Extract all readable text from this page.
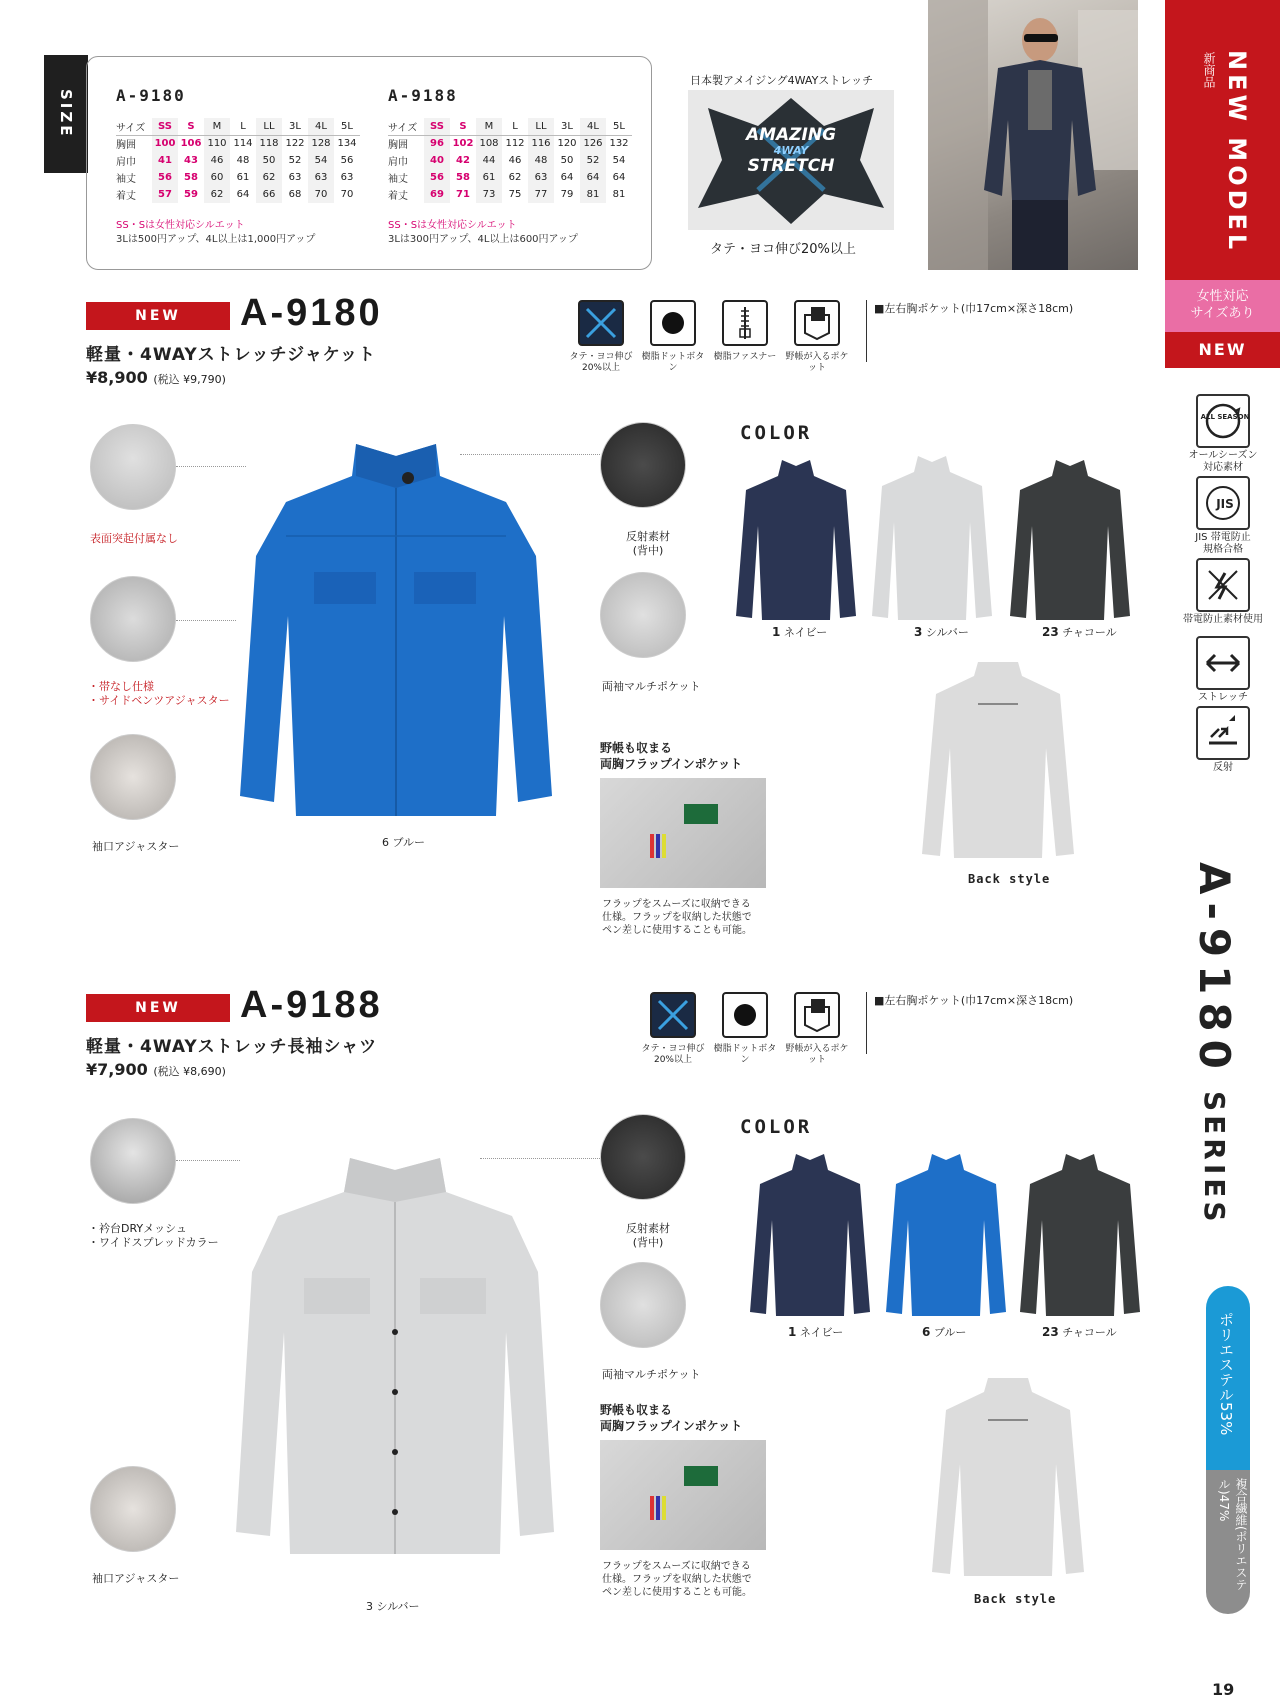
SIZE	A-9180
サイズ	SS	S	M	L	LL	3L	4L	5L
胸囲	100	106	110	114	118	122	128	134
肩巾	41	43	46	48	50	52	54	56
袖丈	56	58	60	61	62	63	63	63
着丈	57	59	62	64	66	68	70	70
SS・Sは女性対応シルエット
3Lは500円アップ、4L以上は1,000円アップ
A-9188
サイズ	SS	S	M	L	LL	3L	4L	5L
胸囲	96	102	108	112	116	120	126	132
肩巾	40	42	44	46	48	50	52	54
袖丈	56	58	61	62	63	64	64	64
着丈	69	71	73	75	77	79	81	81
SS・Sは女性対応シルエット
3Lは300円アップ、4L以上は600円アップ
日本製アメイジング4WAYストレッチ
AMAZING
4WAY
STRETCH
タテ・ヨコ伸び20%以上	NEW MODEL
新商品
女性対応
サイズあり
NEW
ALL SEASON
オールシーズン
対応素材
JIS
JIS 帯電防止
規格合格
帯電防止素材使用
ストレッチ
反射
A-9180SERIES
ポリエステル53%
複合繊維(ポリエステル)47%
NEW	A-9180
軽量・4WAYストレッチジャケット
¥8,900 (税込 ¥9,790)
タテ・ヨコ伸び20%以上
樹脂ドットボタン
樹脂ファスナー	野帳が入るポケット
■左右胸ポケット(巾17cm×深さ18cm)
表面突起付属なし
・帯なし仕様
・サイドベンツアジャスター
袖口アジャスター	6 ブルー
反射素材
(背中)
両袖マルチポケット
野帳も収まる
両胸フラップインポケット
フラップをスムーズに収納できる
仕様。フラップを収納した状態で
ペン差しに使用することも可能。
COLOR
1 ネイビー	3 シルバー	23 チャコール
Back style
NEW	A-9188
軽量・4WAYストレッチ長袖シャツ
¥7,900 (税込 ¥8,690)
タテ・ヨコ伸び20%以上
樹脂ドットボタン
野帳が入るポケット
■左右胸ポケット(巾17cm×深さ18cm)
・衿台DRYメッシュ
・ワイドスプレッドカラー
袖口アジャスター
3 シルバー
反射素材
(背中)
両袖マルチポケット
野帳も収まる
両胸フラップインポケット
フラップをスムーズに収納できる
仕様。フラップを収納した状態で
ペン差しに使用することも可能。
COLOR
1 ネイビー	6 ブルー	23 チャコール
Back style
19
